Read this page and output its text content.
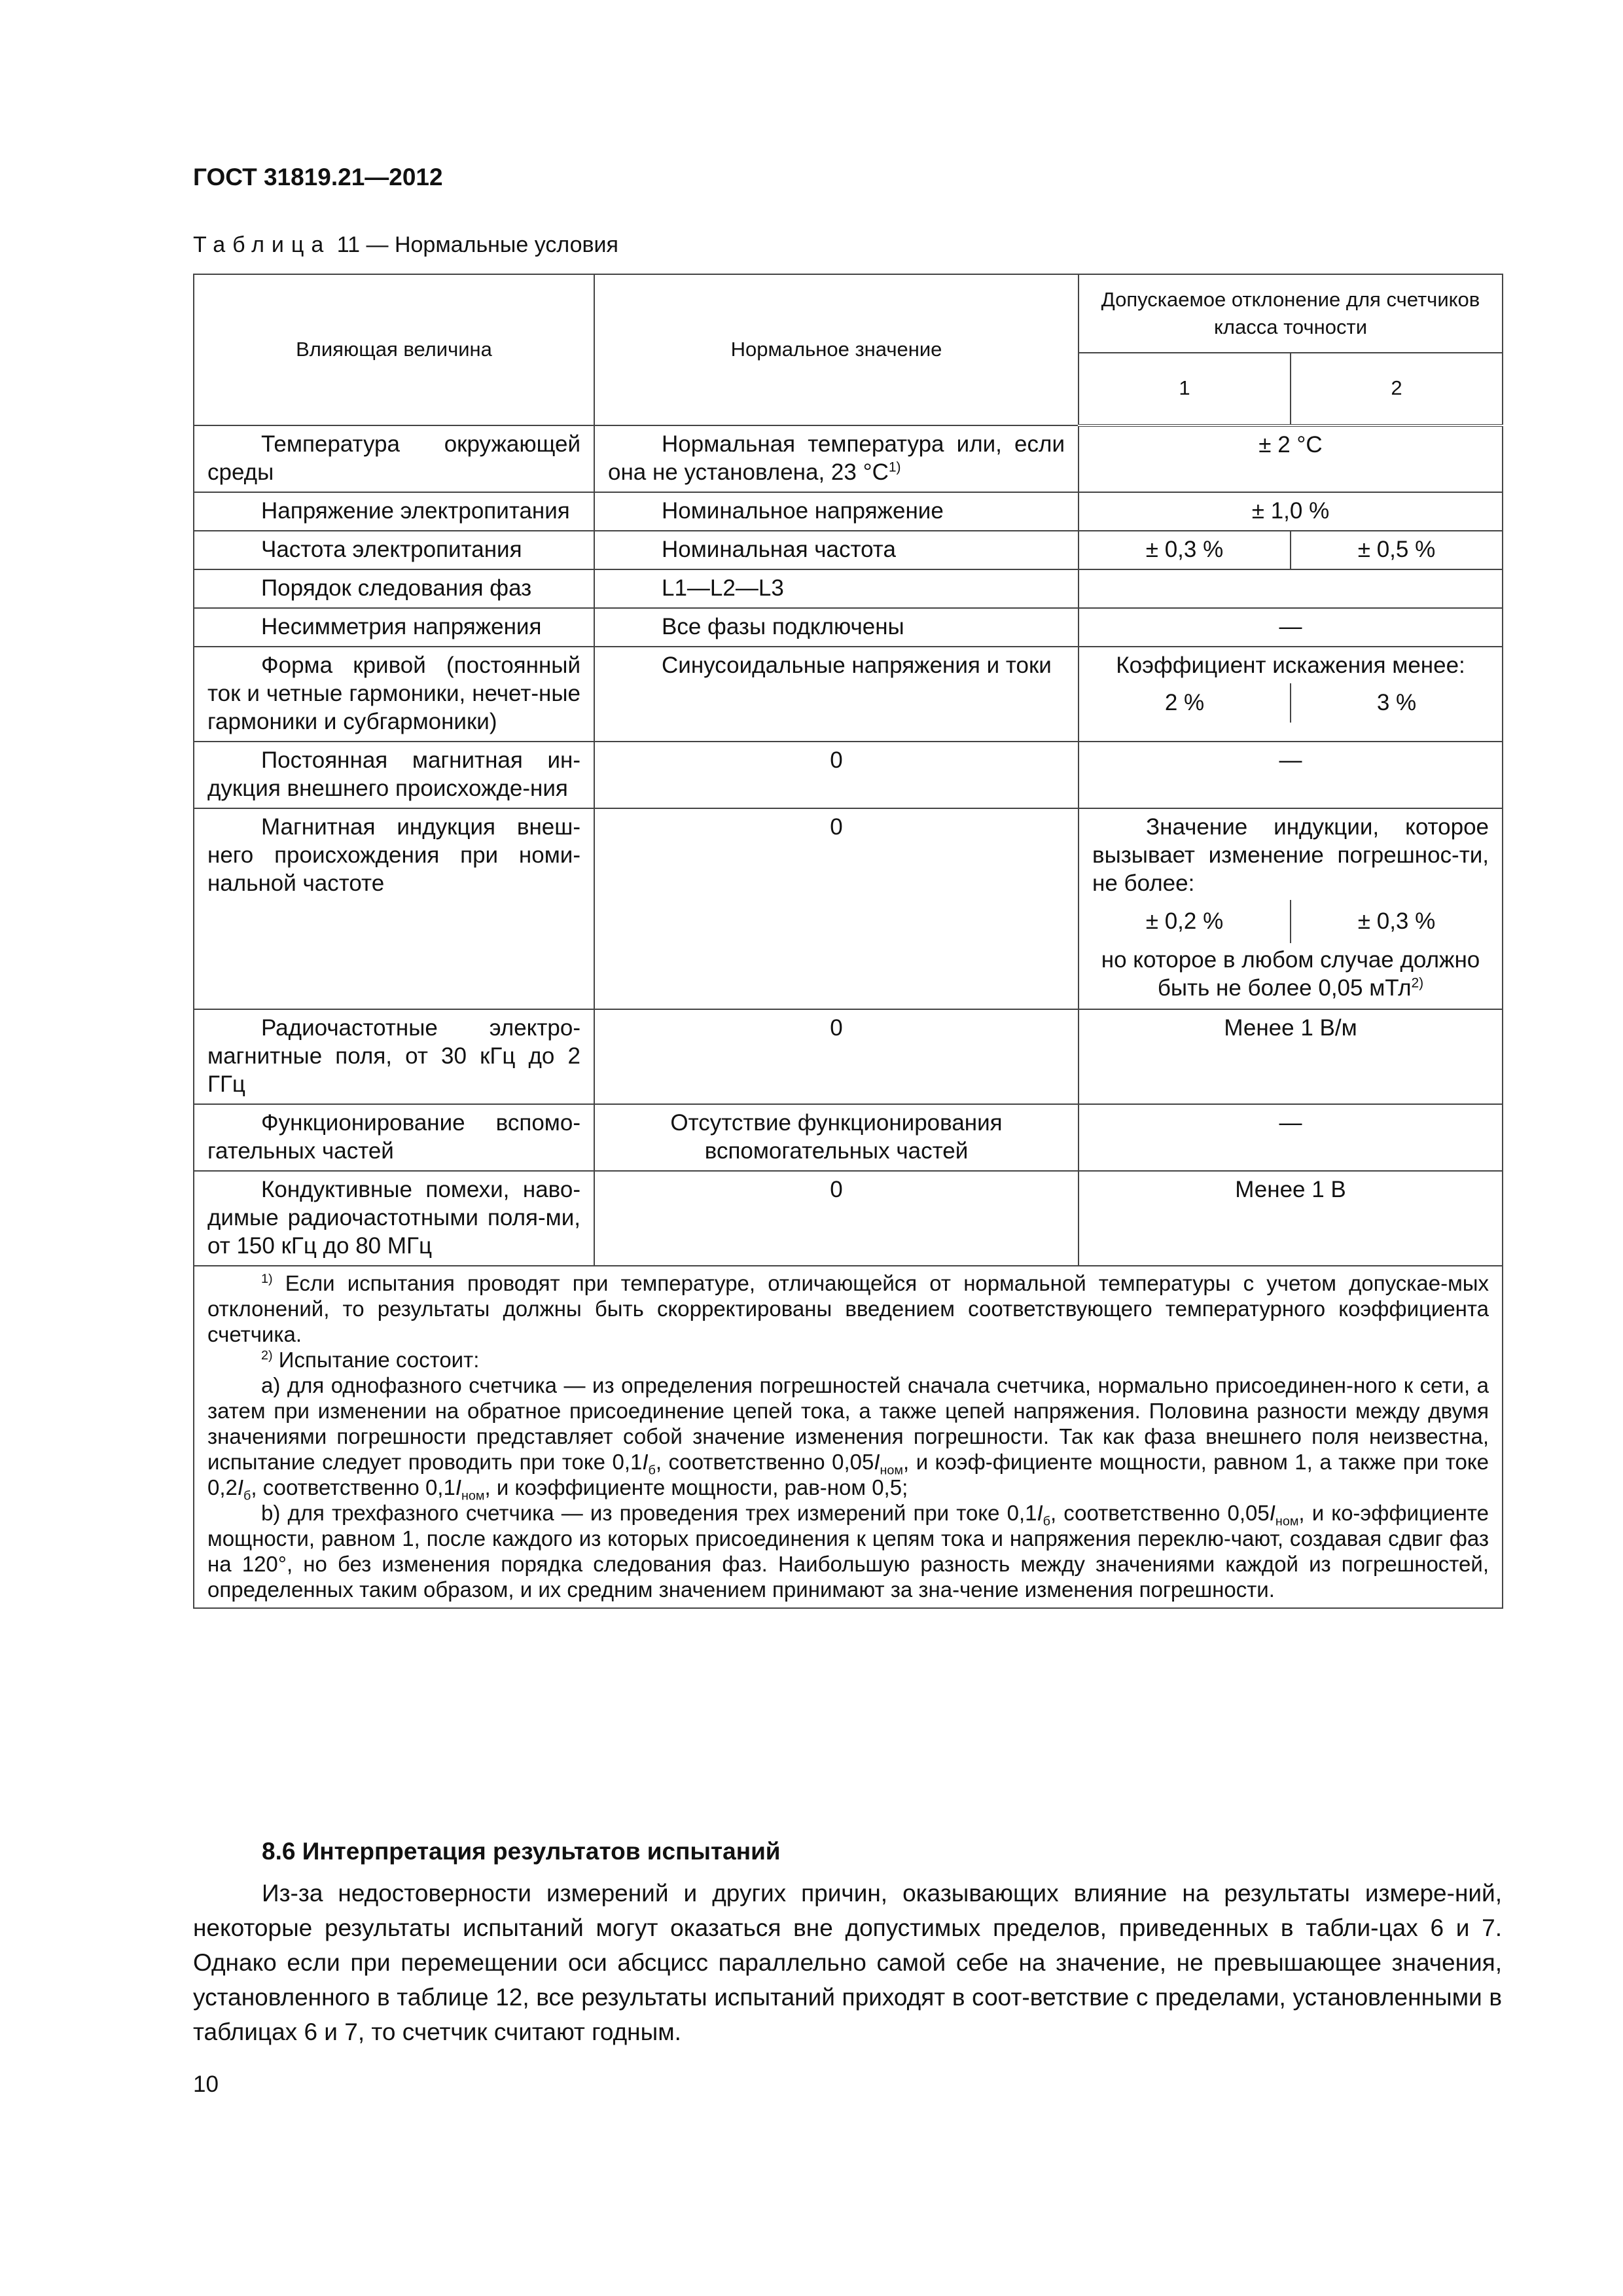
ГОСТ 31819.21—2012
Таблица 11 — Нормальные условия
Влияющая величина	Нормальное значение	Допускаемое отклонение для счетчиков класса точности	
		1	2
Температура окружающей среды	Нормальная температура или, если она не установлена, 23 $^\circ С^{1)}$	± 2 °С	
Напряжение электропитания	Номинальное напряжение	± 1,0 %	
Частота электропитания	Номинальная частота	± 0,3 %	± 0,5 %
Порядок следования фаз	L1—L2—L3		
Несимметрия напряжения	Все фазы подключены	—	
Форма кривой (постоянный ток и четные гармоники, нечет-ные гармоники и субгармоники)	Синусоидальные напряжения и токи	Коэффициент искажения менее:
2 % 3 %	

Постоянная магнитная ин-дукция внешнего происхожде-ния	0	—	
Магнитная индукция внеш-него происхождения при номи-нальной частоте	0	Значение индукции, которое вызывает изменение погрешнос-ти, не более:
± 0,2 % ± 0,3 %
но которое в любом случае должно быть не более 0,05 мТл$^{2)}$

Радиочастотные электро-магнитные поля, от 30 кГц до 2 ГГц	0	Менее 1 В/м	
Функционирование вспомо-гательных частей	Отсутствие функционирования вспомогательных частей	—	
Кондуктивные помехи, наво-димые радиочастотными поля-ми, от 150 кГц до 80 МГц	0	Менее 1 В	

$^{1)}$ Если испытания проводят при температуре, отличающейся от нормальной температуры с учетом допускае-мых отклонений, то результаты должны быть скорректированы введением соответствующего температурного коэффициента счетчика.

$^{2)}$ Испытание состоит:

а) для однофазного счетчика — из определения погрешностей сначала счетчика, нормально присоединен-ного к сети, а затем при изменении на обратное присоединение цепей тока, а также цепей напряжения. Половина разности между двумя значениями погрешности представляет собой значение изменения погрешности. Так как фаза внешнего поля неизвестна, испытание следует проводить при токе $0,1I_б$, соответственно $0,05I_{ном}$, и коэф-фициенте мощности, равном 1, а также при токе $0,2I_б$, соответственно $0,1I_{ном}$, и коэффициенте мощности, рав-ном 0,5;

b) для трехфазного счетчика — из проведения трех измерений при токе $0,1I_б$, соответственно $0,05I_{ном}$, и ко-эффициенте мощности, равном 1, после каждого из которых присоединения к цепям тока и напряжения переклю-чают, создавая сдвиг фаз на 120°, но без изменения порядка следования фаз. Наибольшую разность между значениями каждой из погрешностей, определенных таким образом, и их средним значением принимают за зна-чение изменения погрешности.			

8.6 Интерпретация результатов испытаний
Из-за недостоверности измерений и других причин, оказывающих влияние на результаты измере-ний, некоторые результаты испытаний могут оказаться вне допустимых пределов, приведенных в табли-цах 6 и 7. Однако если при перемещении оси абсцисс параллельно самой себе на значение, не превышающее значения, установленного в таблице 12, все результаты испытаний приходят в соот-ветствие с пределами, установленными в таблицах 6 и 7, то счетчик считают годным.
10
